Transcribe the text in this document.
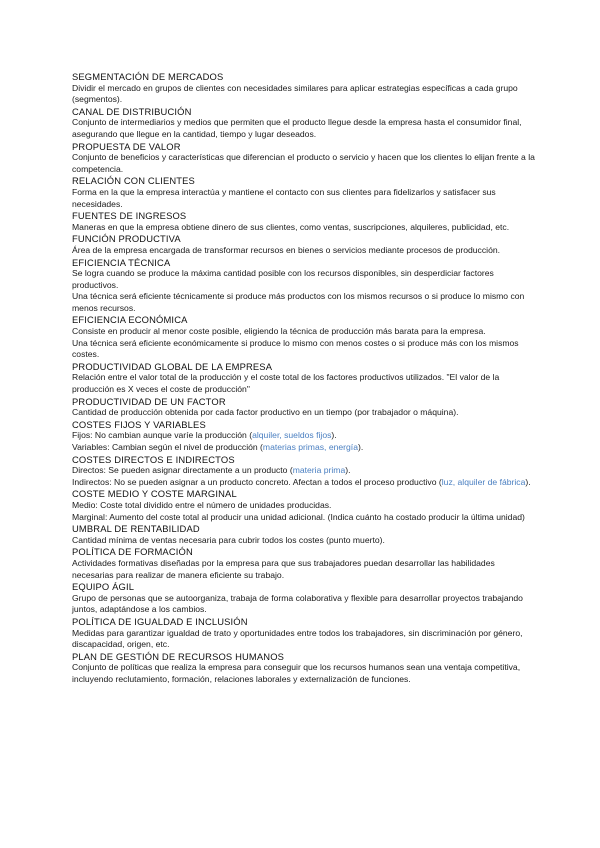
SEGMENTACIÓN DE MERCADOS
Dividir el mercado en grupos de clientes con necesidades similares para aplicar estrategias específicas a cada grupo (segmentos).
CANAL DE DISTRIBUCIÓN
Conjunto de intermediarios y medios que permiten que el producto llegue desde la empresa hasta el consumidor final, asegurando que llegue en la cantidad, tiempo y lugar deseados.
PROPUESTA DE VALOR
Conjunto de beneficios y características que diferencian el producto o servicio y hacen que los clientes lo elijan frente a la competencia.
RELACIÓN CON CLIENTES
Forma en la que la empresa interactúa y mantiene el contacto con sus clientes para fidelizarlos y satisfacer sus necesidades.
FUENTES DE INGRESOS
Maneras en que la empresa obtiene dinero de sus clientes, como ventas, suscripciones, alquileres, publicidad, etc.
FUNCIÓN PRODUCTIVA
Área de la empresa encargada de transformar recursos en bienes o servicios mediante procesos de producción.
EFICIENCIA TÉCNICA
Se logra cuando se produce la máxima cantidad posible con los recursos disponibles, sin desperdiciar factores productivos.
Una técnica será eficiente técnicamente si produce más productos con los mismos recursos o si produce lo mismo con menos recursos.
EFICIENCIA ECONÓMICA
Consiste en producir al menor coste posible, eligiendo la técnica de producción más barata para la empresa.
Una técnica será eficiente económicamente si produce lo mismo con menos costes o si produce más con los mismos costes.
PRODUCTIVIDAD GLOBAL DE LA EMPRESA
Relación entre el valor total de la producción y el coste total de los factores productivos utilizados. "El valor de la producción es X veces el coste de producción"
PRODUCTIVIDAD DE UN FACTOR
Cantidad de producción obtenida por cada factor productivo en un tiempo (por trabajador o máquina).
COSTES FIJOS Y VARIABLES
Fijos: No cambian aunque varíe la producción (alquiler, sueldos fijos).
Variables: Cambian según el nivel de producción (materias primas, energía).
COSTES DIRECTOS E INDIRECTOS
Directos: Se pueden asignar directamente a un producto (materia prima).
Indirectos: No se pueden asignar a un producto concreto. Afectan a todos el proceso productivo (luz, alquiler de fábrica).
COSTE MEDIO Y COSTE MARGINAL
Medio: Coste total dividido entre el número de unidades producidas.
Marginal: Aumento del coste total al producir una unidad adicional. (Indica cuánto ha costado producir la última unidad)
UMBRAL DE RENTABILIDAD
Cantidad mínima de ventas necesaria para cubrir todos los costes (punto muerto).
POLÍTICA DE FORMACIÓN
Actividades formativas diseñadas por la empresa para que sus trabajadores puedan desarrollar las habilidades necesarias para realizar de manera eficiente su trabajo.
EQUIPO ÁGIL
Grupo de personas que se autoorganiza, trabaja de forma colaborativa y flexible para desarrollar proyectos trabajando juntos, adaptándose a los cambios.
POLÍTICA DE IGUALDAD E INCLUSIÓN
Medidas para garantizar igualdad de trato y oportunidades entre todos los trabajadores, sin discriminación por género, discapacidad, origen, etc.
PLAN DE GESTIÓN DE RECURSOS HUMANOS
Conjunto de políticas que realiza la empresa para conseguir que los recursos humanos sean una ventaja competitiva, incluyendo reclutamiento, formación, relaciones laborales y externalización de funciones.
